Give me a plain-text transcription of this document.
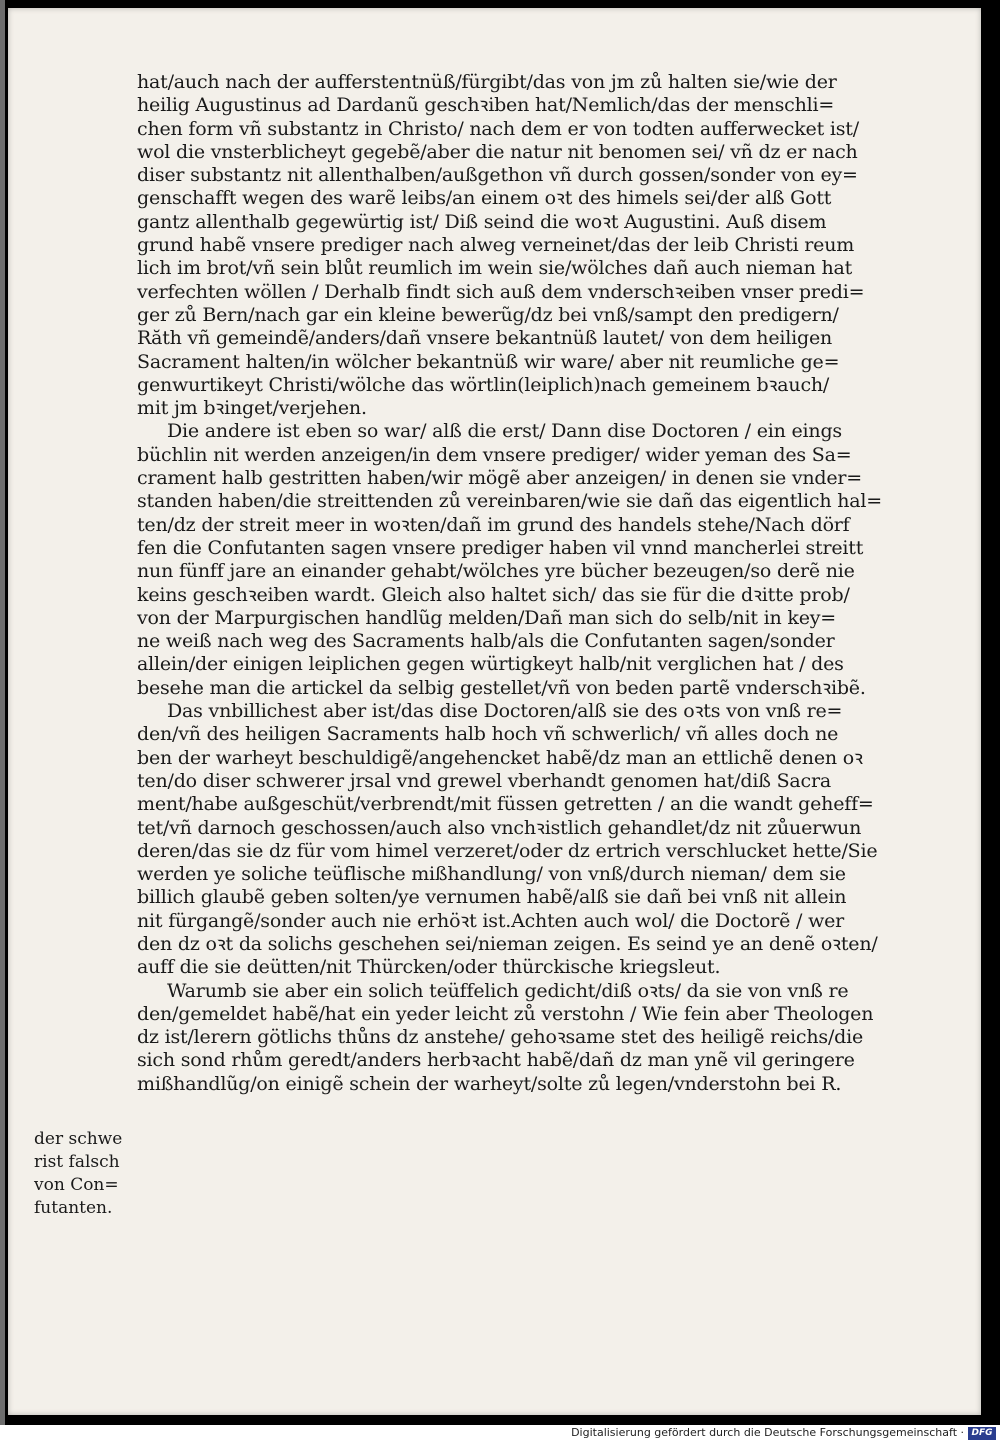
hat/auch nach der aufferstentnüß/fürgibt/das von jm zů halten sie/wie der
heilig Augustinus ad Dardanũ geschꝛiben hat/Nemlich/das der menschli=
chen form vñ substantz in Christo/ nach dem er von todten aufferwecket ist/
wol die vnsterblicheyt gegebẽ/aber die natur nit benomen sei/ vñ dz er nach
diser substantz nit allenthalben/außgethon vñ durch gossen/sonder von ey=
genschafft wegen des warẽ leibs/an einem oꝛt des himels sei/der alß Gott
gantz allenthalb gegewürtig ist/ Diß seind die woꝛt Augustini. Auß disem
grund habẽ vnsere prediger nach alweg verneinet/das der leib Christi reum
lich im brot/vñ sein blůt reumlich im wein sie/wölches dañ auch nieman hat
verfechten wöllen / Derhalb findt sich auß dem vnderschꝛeiben vnser predi=
ger zů Bern/nach gar ein kleine bewerũg/dz bei vnß/sampt den predigern/
Răth vñ gemeindẽ/anders/dañ vnsere bekantnüß lautet/ von dem heiligen
Sacrament halten/in wölcher bekantnüß wir ware/ aber nit reumliche ge=
genwurtikeyt Christi/wölche das wörtlin(leiplich)nach gemeinem bꝛauch/
mit jm bꝛinget/verjehen.
Die andere ist eben so war/ alß die erst/ Dann dise Doctoren / ein eings
büchlin nit werden anzeigen/in dem vnsere prediger/ wider yeman des Sa=
crament halb gestritten haben/wir mögẽ aber anzeigen/ in denen sie vnder=
standen haben/die streittenden zů vereinbaren/wie sie dañ das eigentlich hal=
ten/dz der streit meer in woꝛten/dañ im grund des handels stehe/Nach dörf
fen die Confutanten sagen vnsere prediger haben vil vnnd mancherlei streitt
nun fünff jare an einander gehabt/wölches yre bücher bezeugen/so derẽ nie
keins geschꝛeiben wardt. Gleich also haltet sich/ das sie für die dꝛitte prob/
von der Marpurgischen handlũg melden/Dañ man sich do selb/nit in key=
ne weiß nach weg des Sacraments halb/als die Confutanten sagen/sonder
allein/der einigen leiplichen gegen würtigkeyt halb/nit verglichen hat / des
besehe man die artickel da selbig gestellet/vñ von beden partẽ vnderschꝛibẽ.
Das vnbillichest aber ist/das dise Doctoren/alß sie des oꝛts von vnß re=
den/vñ des heiligen Sacraments halb hoch vñ schwerlich/ vñ alles doch ne
ben der warheyt beschuldigẽ/angehencket habẽ/dz man an ettlichẽ denen oꝛ
ten/do diser schwerer jrsal vnd grewel vberhandt genomen hat/diß Sacra
ment/habe außgeschüt/verbrendt/mit füssen getretten / an die wandt geheff=
tet/vñ darnoch geschossen/auch also vnchꝛistlich gehandlet/dz nit zůuerwun
deren/das sie dz für vom himel verzeret/oder dz ertrich verschlucket hette/Sie
werden ye soliche teüflische mißhandlung/ von vnß/durch nieman/ dem sie
billich glaubẽ geben solten/ye vernumen habẽ/alß sie dañ bei vnß nit allein
nit fürgangẽ/sonder auch nie erhöꝛt ist.Achten auch wol/ die Doctorẽ / wer
den dz oꝛt da solichs geschehen sei/nieman zeigen. Es seind ye an denẽ oꝛten/
auff die sie deütten/nit Thürcken/oder thürckische kriegsleut.
Warumb sie aber ein solich teüffelich gedicht/diß oꝛts/ da sie von vnß re
den/gemeldet habẽ/hat ein yeder leicht zů verstohn / Wie fein aber Theologen
dz ist/lerern götlichs thůns dz anstehe/ gehoꝛsame stet des heiligẽ reichs/die
sich sond rhům geredt/anders herbꝛacht habẽ/dañ dz man ynẽ vil geringere
mißhandlũg/on einigẽ schein der warheyt/solte zů legen/vnderstohn bei R.
der schwe
rist falsch
von Con=
futanten.
Digitalisierung gefördert durch die Deutsche Forschungsgemeinschaft · DFG
